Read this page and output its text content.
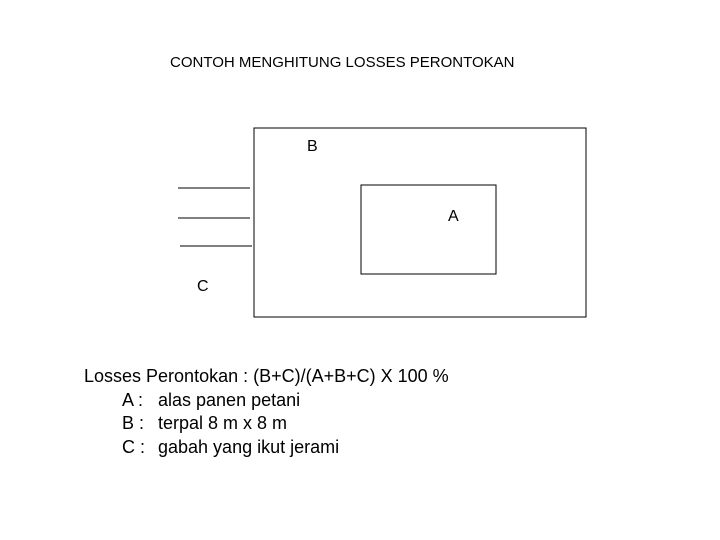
CONTOH MENGHITUNG LOSSES PERONTOKAN
B
A
C
Losses Perontokan : (B+C)/(A+B+C) X 100 %
A : alas panen petani
B : terpal 8 m x 8 m
C : gabah yang ikut jerami
